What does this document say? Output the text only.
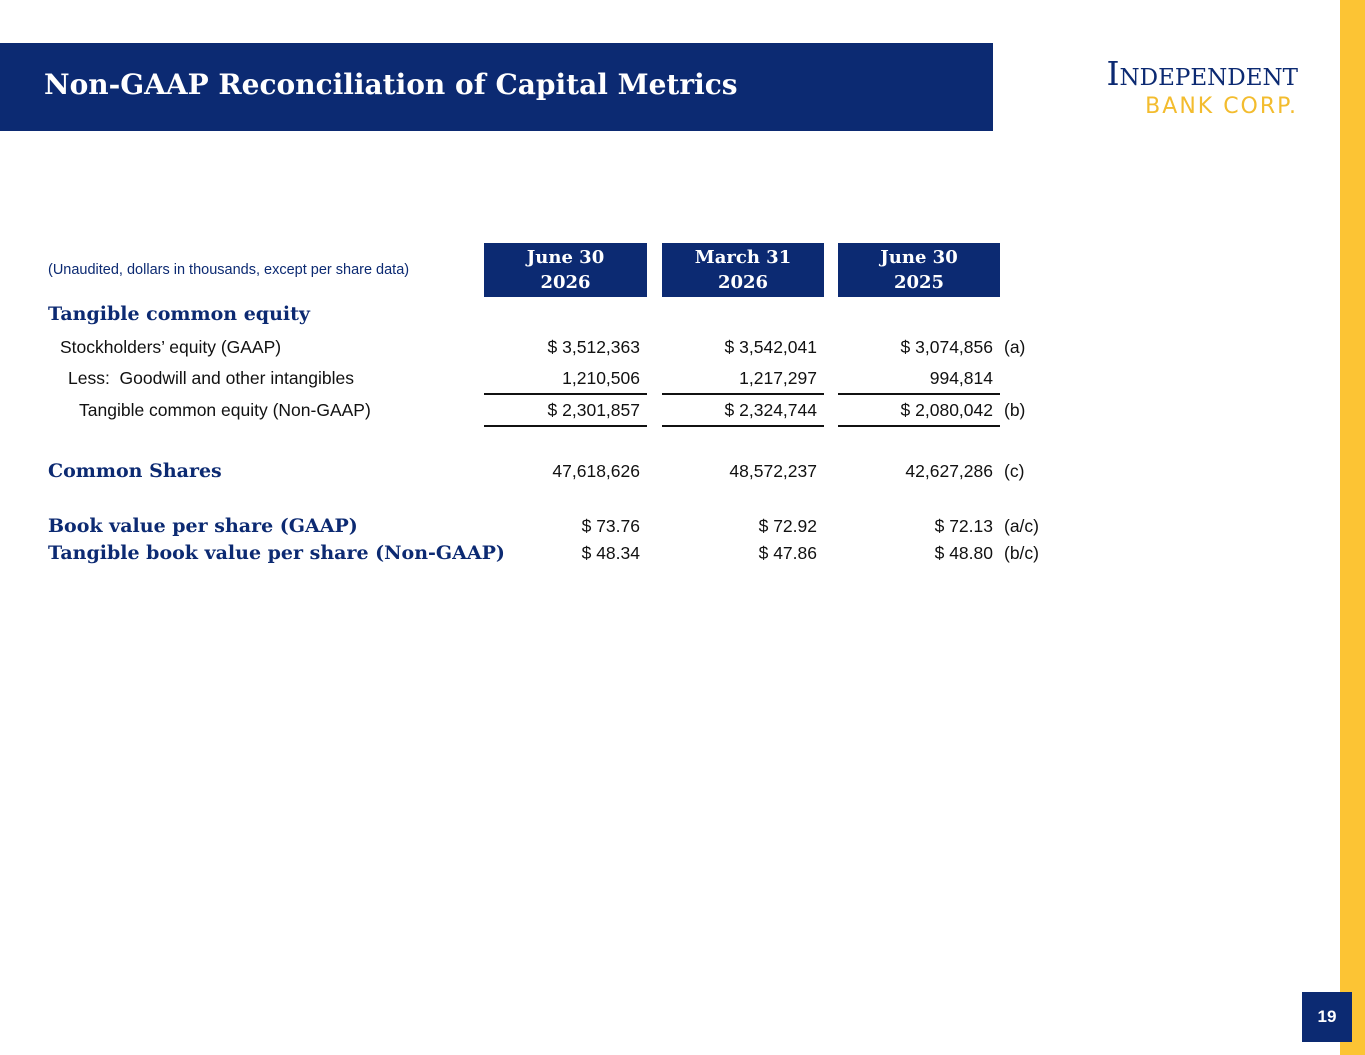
Non-GAAP Reconciliation of Capital Metrics	Independent
BANK CORP.
19
(Unaudited, dollars in thousands, except per share data)
June 30
2026
March 31
2026
June 30
2025
Tangible common equity
Stockholders’ equity (GAAP)	$ 3,512,363	$ 3,542,041	$ 3,074,856 (a)
Less:  Goodwill and other intangibles	1,210,506	1,217,297	994,814
Tangible common equity (Non-GAAP)	$ 2,301,857	$ 2,324,744	$ 2,080,042 (b)
Common Shares	47,618,626	48,572,237	42,627,286 (c)
Book value per share (GAAP)	$ 73.76	$ 72.92	$ 72.13 (a/c)
Tangible book value per share (Non-GAAP)	$ 48.34	$ 47.86	$ 48.80 (b/c)
